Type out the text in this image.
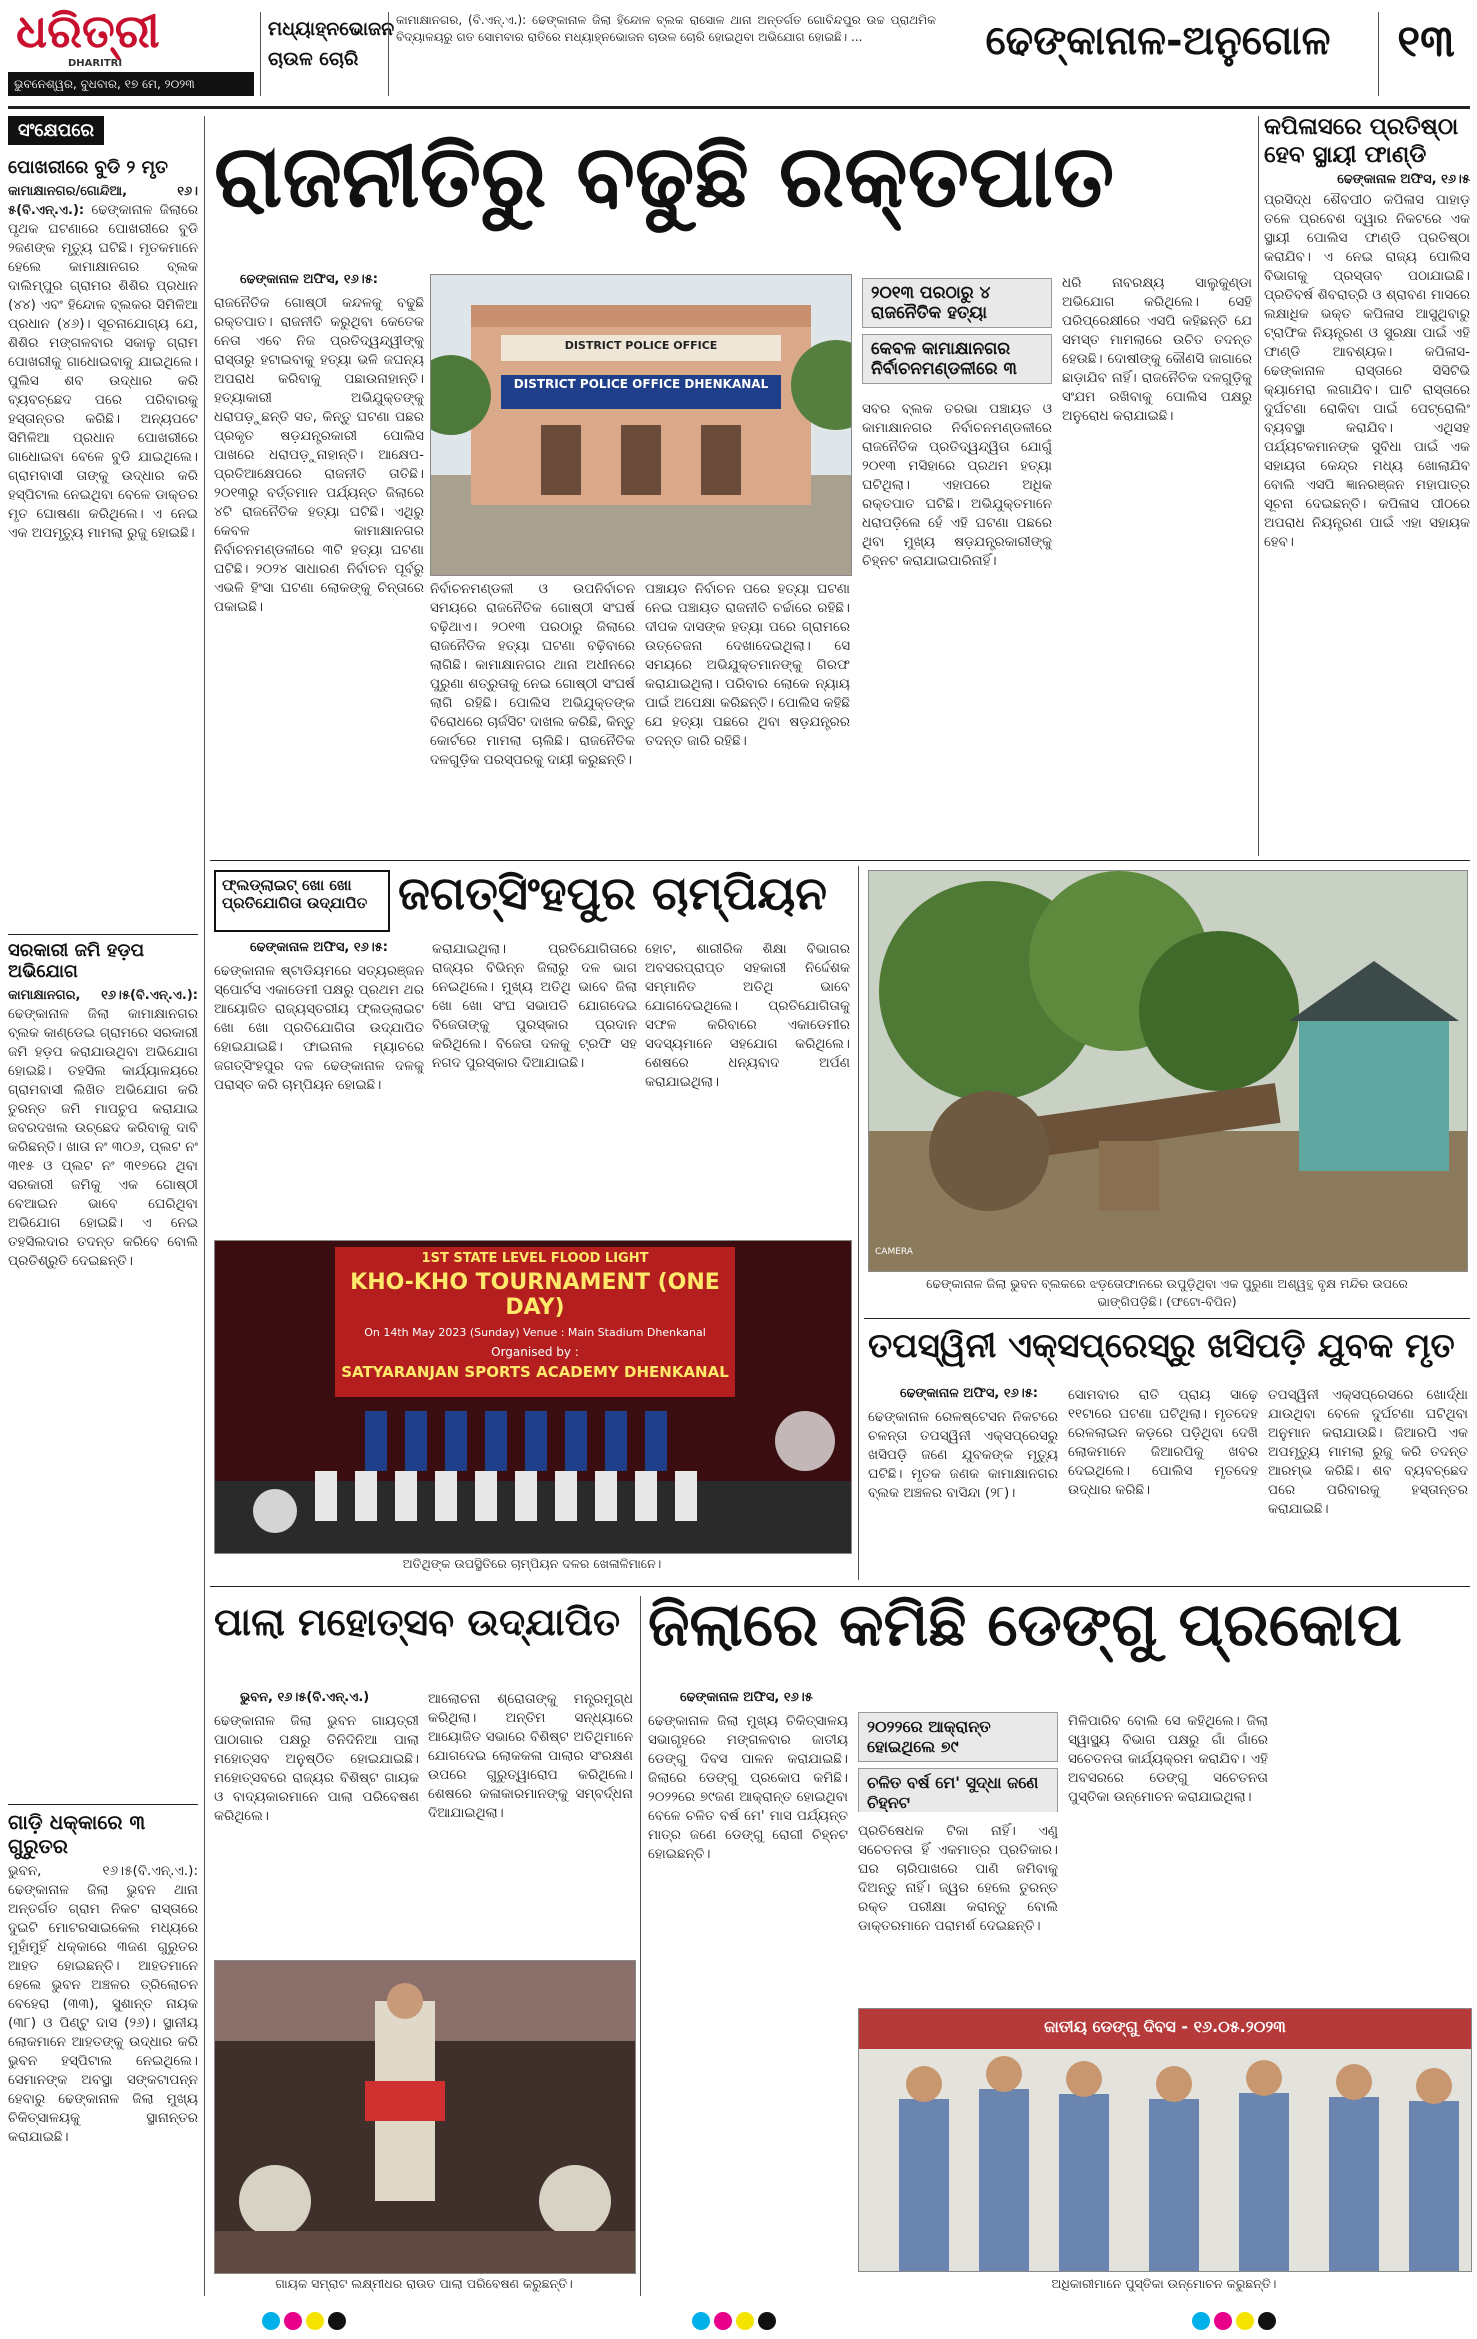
ଧରିତ୍ରୀ
DHARITRI
ଭୁବନେଶ୍ୱର, ବୁଧବାର, ୧୭ ମେ, ୨୦୨୩
ମଧ୍ୟାହ୍ନଭୋଜନ ଚାଉଳ ଚୋରି
କାମାକ୍ଷାନଗର, (ବି.ଏନ୍.ଏ.): ଢେଙ୍କାନାଳ ଜିଲା ହିନ୍ଦୋଳ ବ୍ଲକ ରାସୋଳ ଥାନା ଅନ୍ତର୍ଗତ ଗୋବିନ୍ଦପୁର ଉଚ୍ଚ ପ୍ରାଥମିକ ବିଦ୍ୟାଳୟରୁ ଗତ ସୋମବାର ରାତିରେ ମଧ୍ୟାହ୍ନଭୋଜନ ଚାଉଳ ଚୋରି ହୋଇଥିବା ଅଭିଯୋଗ ହୋଇଛି। ...	ଢେଙ୍କାନାଳ-ଅନୁଗୋଳ	୧୩
ସଂକ୍ଷେପରେ
ପୋଖରୀରେ ବୁଡି ୨ ମୃତ
କାମାକ୍ଷାନଗର/ଗୋନ୍ଦିଆ, ୧୬।୫(ବି.ଏନ୍.ଏ.): ଢେଙ୍କାନାଳ ଜିଲାରେ ପୃଥକ ଘଟଣାରେ ପୋଖରୀରେ ବୁଡି ୨ଜଣଙ୍କ ମୃତ୍ୟୁ ଘଟିଛି। ମୃତକମାନେ ହେଲେ କାମାକ୍ଷାନଗର ବ୍ଲକ ଦାଲିମ୍ପୁର ଗ୍ରାମର ଶିଶିର ପ୍ରଧାନ (୪୪) ଏବଂ ହିନ୍ଦୋଳ ବ୍ଲକର ସିମିଳିଆ ପ୍ରଧାନ (୪୬)। ସୂଚନାଯୋଗ୍ୟ ଯେ, ଶିଶିର ମଙ୍ଗଳବାର ସକାଳୁ ଗ୍ରାମ ପୋଖରୀକୁ ଗାଧୋଇବାକୁ ଯାଇଥିଲେ। ପୁଲିସ ଶବ ଉଦ୍ଧାର କରି ବ୍ୟବଚ୍ଛେଦ ପରେ ପରିବାରକୁ ହସ୍ତାନ୍ତର କରିଛି। ଅନ୍ୟପଟେ ସିମିଳିଆ ପ୍ରଧାନ ପୋଖରୀରେ ଗାଧୋଇବା ବେଳେ ବୁଡି ଯାଇଥିଲେ। ଗ୍ରାମବାସୀ ତାଙ୍କୁ ଉଦ୍ଧାର କରି ହସ୍ପିଟାଲ ନେଇଥିବା ବେଳେ ଡାକ୍ତର ମୃତ ଘୋଷଣା କରିଥିଲେ। ଏ ନେଇ ଏକ ଅପମୃତ୍ୟୁ ମାମଲା ରୁଜୁ ହୋଇଛି।
ସରକାରୀ ଜମି ହଡ଼ପ ଅଭିଯୋଗ
କାମାକ୍ଷାନଗର, ୧୬।୫(ବି.ଏନ୍.ଏ.): ଢେଙ୍କାନାଳ ଜିଲା କାମାକ୍ଷାନଗର ବ୍ଲକ କାଣ୍ଡେଇ ଗ୍ରାମରେ ସରକାରୀ ଜମି ହଡ଼ପ କରାଯାଉଥିବା ଅଭିଯୋଗ ହୋଇଛି। ତହସିଲ କାର୍ଯ୍ୟାଳୟରେ ଗ୍ରାମବାସୀ ଲିଖିତ ଅଭିଯୋଗ କରି ତୁରନ୍ତ ଜମି ମାପଚୁପ କରାଯାଇ ଜବରଦଖଲ ଉଚ୍ଛେଦ କରିବାକୁ ଦାବି କରିଛନ୍ତି। ଖାତା ନଂ ୩୦୬, ପ୍ଲଟ ନଂ ୩୧୫ ଓ ପ୍ଲଟ ନଂ ୩୧୭ରେ ଥିବା ସରକାରୀ ଜମିକୁ ଏକ ଗୋଷ୍ଠୀ ବେଆଇନ ଭାବେ ଘେରିଥିବା ଅଭିଯୋଗ ହୋଇଛି। ଏ ନେଇ ତହସିଲଦାର ତଦନ୍ତ କରିବେ ବୋଲି ପ୍ରତିଶ୍ରୁତି ଦେଇଛନ୍ତି।
ଗାଡ଼ି ଧକ୍କାରେ ୩ ଗୁରୁତର
ଭୁବନ, ୧୬।୫(ବି.ଏନ୍.ଏ.): ଢେଙ୍କାନାଳ ଜିଲା ଭୁବନ ଥାନା ଅନ୍ତର୍ଗତ ଗ୍ରାମ ନିକଟ ରାସ୍ତାରେ ଦୁଇଟି ମୋଟରସାଇକେଲ ମଧ୍ୟରେ ମୁହାଁମୁହିଁ ଧକ୍କାରେ ୩ଜଣ ଗୁରୁତର ଆହତ ହୋଇଛନ୍ତି। ଆହତମାନେ ହେଲେ ଭୁବନ ଅଞ୍ଚଳର ତ୍ରିଲୋଚନ ବେହେରା (୩୩), ସୁଶାନ୍ତ ନାୟକ (୩୮) ଓ ପିଣ୍ଟୁ ଦାସ (୨୬)। ସ୍ଥାନୀୟ ଲୋକମାନେ ଆହତଙ୍କୁ ଉଦ୍ଧାର କରି ଭୁବନ ହସ୍ପିଟାଲ ନେଇଥିଲେ। ସେମାନଙ୍କ ଅବସ୍ଥା ସଙ୍କଟାପନ୍ନ ହେବାରୁ ଢେଙ୍କାନାଳ ଜିଲା ମୁଖ୍ୟ ଚିକିତ୍ସାଳୟକୁ ସ୍ଥାନାନ୍ତର କରାଯାଇଛି।
ରାଜନୀତିରୁ ବଢୁଛି ରକ୍ତପାତ
ଢେଙ୍କାନାଳ ଅଫିସ, ୧୬।୫:
ରାଜନୈତିକ ଗୋଷ୍ଠୀ କନ୍ଦଳକୁ ବଢୁଛି ରକ୍ତପାତ। ରାଜନୀତି କରୁଥିବା କେତେକ ନେତା ଏବେ ନିଜ ପ୍ରତିଦ୍ୱନ୍ଦ୍ୱୀଙ୍କୁ ରାସ୍ତାରୁ ହଟାଇବାକୁ ହତ୍ୟା ଭଳି ଜଘନ୍ୟ ଅପରାଧ କରିବାକୁ ପଛାଉନାହାନ୍ତି। ହତ୍ୟାକାରୀ ଅଭିଯୁକ୍ତଙ୍କୁ ଧରାପଡ଼ୁଛନ୍ତି ସତ, କିନ୍ତୁ ଘଟଣା ପଛର ପ୍ରକୃତ ଷଡ଼ଯନ୍ତ୍ରକାରୀ ପୋଲିସ ପାଖରେ ଧରାପଡ଼ୁନାହାନ୍ତି। ଆକ୍ଷେପ-ପ୍ରତିଆକ୍ଷେପରେ ରାଜନୀତି ତାତିଛି। ୨୦୧୩ରୁ ବର୍ତ୍ତମାନ ପର୍ଯ୍ୟନ୍ତ ଜିଲାରେ ୪ଟି ରାଜନୈତିକ ହତ୍ୟା ଘଟିଛି। ଏଥିରୁ କେବଳ କାମାକ୍ଷାନଗର ନିର୍ବାଚନମଣ୍ଡଳୀରେ ୩ଟି ହତ୍ୟା ଘଟଣା ଘଟିଛି। ୨୦୨୪ ସାଧାରଣ ନିର୍ବାଚନ ପୂର୍ବରୁ ଏଭଳି ହିଂସା ଘଟଣା ଲୋକଙ୍କୁ ଚିନ୍ତାରେ ପକାଇଛି।
DISTRICT POLICE OFFICE
DISTRICT POLICE OFFICE DHENKANAL
ନିର୍ବାଚନମଣ୍ଡଳୀ ଓ ଉପନିର୍ବାଚନ ସମୟରେ ରାଜନୈତିକ ଗୋଷ୍ଠୀ ସଂଘର୍ଷ ବଢ଼ିଥାଏ। ୨୦୧୩ ପରଠାରୁ ଜିଲାରେ ରାଜନୈତିକ ହତ୍ୟା ଘଟଣା ବଢ଼ିବାରେ ଲାଗିଛି। କାମାକ୍ଷାନଗର ଥାନା ଅଧୀନରେ ପୁରୁଣା ଶତ୍ରୁତାକୁ ନେଇ ଗୋଷ୍ଠୀ ସଂଘର୍ଷ ଲାଗି ରହିଛି। ପୋଲିସ ଅଭିଯୁକ୍ତଙ୍କ ବିରୋଧରେ ଚାର୍ଜସିଟ ଦାଖଲ କରିଛି, କିନ୍ତୁ କୋର୍ଟରେ ମାମଲା ଚାଲିଛି। ରାଜନୈତିକ ଦଳଗୁଡ଼ିକ ପରସ୍ପରକୁ ଦାୟୀ କରୁଛନ୍ତି।
ପଞ୍ଚାୟତ ନିର୍ବାଚନ ପରେ ହତ୍ୟା ଘଟଣା ନେଇ ପଞ୍ଚାୟତ ରାଜନୀତି ଚର୍ଚ୍ଚାରେ ରହିଛି। ଦୀପକ ଦାସଙ୍କ ହତ୍ୟା ପରେ ଗ୍ରାମରେ ଉତ୍ତେଜନା ଦେଖାଦେଇଥିଲା। ସେ ସମୟରେ ଅଭିଯୁକ୍ତମାନଙ୍କୁ ଗିରଫ କରାଯାଇଥିଲା। ପରିବାର ଲୋକେ ନ୍ୟାୟ ପାଇଁ ଅପେକ୍ଷା କରିଛନ୍ତି। ପୋଲିସ କହିଛି ଯେ ହତ୍ୟା ପଛରେ ଥିବା ଷଡ଼ଯନ୍ତ୍ରର ତଦନ୍ତ ଜାରି ରହିଛି।
୨୦୧୩ ପରଠାରୁ ୪ ରାଜନୈତିକ ହତ୍ୟା
କେବଳ କାମାକ୍ଷାନଗର ନିର୍ବାଚନମଣ୍ଡଳୀରେ ୩
ସବର ବ୍ଲକ ତରଭା ପଞ୍ଚାୟତ ଓ କାମାକ୍ଷାନଗର ନିର୍ବାଚନମଣ୍ଡଳୀରେ ରାଜନୈତିକ ପ୍ରତିଦ୍ୱନ୍ଦ୍ୱିତା ଯୋଗୁଁ ୨୦୧୩ ମସିହାରେ ପ୍ରଥମ ହତ୍ୟା ଘଟିଥିଲା। ଏହାପରେ ଅଧିକ ରକ୍ତପାତ ଘଟିଛି। ଅଭିଯୁକ୍ତମାନେ ଧରାପଡ଼ିଲେ ହେଁ ଏହି ଘଟଣା ପଛରେ ଥିବା ମୁଖ୍ୟ ଷଡ଼ଯନ୍ତ୍ରକାରୀଙ୍କୁ ଚିହ୍ନଟ କରାଯାଇପାରିନାହିଁ।
ଧରି ନାବରକ୍ଷ୍ୟ ସାଲୁକୁଣ୍ଡା ଅଭିଯୋଗ କରିଥିଲେ। ସେହି ପରିପ୍ରେକ୍ଷୀରେ ଏସପି କହିଛନ୍ତି ଯେ ସମସ୍ତ ମାମଲାରେ ଉଚିତ ତଦନ୍ତ ହେଉଛି। ଦୋଷୀଙ୍କୁ କୌଣସି ଜାଗାରେ ଛାଡ଼ାଯିବ ନାହିଁ। ରାଜନୈତିକ ଦଳଗୁଡ଼ିକୁ ସଂଯମ ରଖିବାକୁ ପୋଲିସ ପକ୍ଷରୁ ଅନୁରୋଧ କରାଯାଇଛି।
କପିଳାସରେ ପ୍ରତିଷ୍ଠା
ହେବ ସ୍ଥାୟୀ ଫାଣ୍ଡି
ଢେଙ୍କାନାଳ ଅଫିସ, ୧୬।୫
ପ୍ରସିଦ୍ଧ ଶୈବପୀଠ କପିଳାସ ପାହାଡ଼ ତଳେ ପ୍ରବେଶ ଦ୍ୱାର ନିକଟରେ ଏକ ସ୍ଥାୟୀ ପୋଲିସ ଫାଣ୍ଡି ପ୍ରତିଷ୍ଠା କରାଯିବ। ଏ ନେଇ ରାଜ୍ୟ ପୋଲିସ ବିଭାଗକୁ ପ୍ରସ୍ତାବ ପଠାଯାଇଛି। ପ୍ରତିବର୍ଷ ଶିବରାତ୍ରି ଓ ଶ୍ରାବଣ ମାସରେ ଲକ୍ଷାଧିକ ଭକ୍ତ କପିଳାସ ଆସୁଥିବାରୁ ଟ୍ରାଫିକ ନିୟନ୍ତ୍ରଣ ଓ ସୁରକ୍ଷା ପାଇଁ ଏହି ଫାଣ୍ଡି ଆବଶ୍ୟକ। କପିଳାସ-ଢେଙ୍କାନାଳ ରାସ୍ତାରେ ସିସିଟିଭି କ୍ୟାମେରା ଲଗାଯିବ। ଘାଟି ରାସ୍ତାରେ ଦୁର୍ଘଟଣା ରୋକିବା ପାଇଁ ପେଟ୍ରୋଲିଂ ବ୍ୟବସ୍ଥା କରାଯିବ। ଏଥିସହ ପର୍ଯ୍ୟଟକମାନଙ୍କ ସୁବିଧା ପାଇଁ ଏକ ସହାୟତା କେନ୍ଦ୍ର ମଧ୍ୟ ଖୋଲାଯିବ ବୋଲି ଏସପି ଜ୍ଞାନରଞ୍ଜନ ମହାପାତ୍ର ସୂଚନା ଦେଇଛନ୍ତି। କପିଳାସ ପୀଠରେ ଅପରାଧ ନିୟନ୍ତ୍ରଣ ପାଇଁ ଏହା ସହାୟକ ହେବ।
ଫ୍ଲଡ୍‌ଲାଇଟ୍ ଖୋ ଖୋ
ପ୍ରତିଯୋଗିତା ଉଦ୍‌ଯାପିତ ଜଗତ୍‌ସିଂହପୁର ଚାମ୍ପିୟନ
ଢେଙ୍କାନାଳ ଅଫିସ, ୧୬।୫:
ଢେଙ୍କାନାଳ ଷ୍ଟାଡିୟମରେ ସତ୍ୟରଞ୍ଜନ ସ୍ପୋର୍ଟସ ଏକାଡେମୀ ପକ୍ଷରୁ ପ୍ରଥମ ଥର ଆୟୋଜିତ ରାଜ୍ୟସ୍ତରୀୟ ଫ୍ଲଡ୍‌ଲାଇଟ ଖୋ ଖୋ ପ୍ରତିଯୋଗିତା ଉଦ୍‌ଯାପିତ ହୋଇଯାଇଛି। ଫାଇନାଲ ମ୍ୟାଚରେ ଜଗତ୍‌ସିଂହପୁର ଦଳ ଢେଙ୍କାନାଳ ଦଳକୁ ପରାସ୍ତ କରି ଚାମ୍ପିୟନ ହୋଇଛି।
କରାଯାଇଥିଲା। ପ୍ରତିଯୋଗିତାରେ ରାଜ୍ୟର ବିଭିନ୍ନ ଜିଲାରୁ ଦଳ ଭାଗ ନେଇଥିଲେ। ମୁଖ୍ୟ ଅତିଥି ଭାବେ ଜିଲା ଖୋ ଖୋ ସଂଘ ସଭାପତି ଯୋଗଦେଇ ବିଜେତାଙ୍କୁ ପୁରସ୍କାର ପ୍ରଦାନ କରିଥିଲେ। ବିଜେତା ଦଳକୁ ଟ୍ରଫି ସହ ନଗଦ ପୁରସ୍କାର ଦିଆଯାଇଛି।
ହୋଟ, ଶାରୀରିକ ଶିକ୍ଷା ବିଭାଗର ଅବସରପ୍ରାପ୍ତ ସହକାରୀ ନିର୍ଦ୍ଦେଶକ ସମ୍ମାନିତ ଅତିଥି ଭାବେ ଯୋଗଦେଇଥିଲେ। ପ୍ରତିଯୋଗିତାକୁ ସଫଳ କରିବାରେ ଏକାଡେମୀର ସଦସ୍ୟମାନେ ସହଯୋଗ କରିଥିଲେ। ଶେଷରେ ଧନ୍ୟବାଦ ଅର୍ପଣ କରାଯାଇଥିଲା।
1ST STATE LEVEL FLOOD LIGHT
KHO-KHO TOURNAMENT (ONE DAY)
On 14th May 2023 (Sunday) Venue : Main Stadium Dhenkanal
Organised by :
SATYARANJAN SPORTS ACADEMY DHENKANAL
ଅତିଥିଙ୍କ ଉପସ୍ଥିତିରେ ଚାମ୍ପିୟନ ଦଳର ଖେଳାଳିମାନେ।
CAMERA
ଢେଙ୍କାନାଳ ଜିଲା ଭୁବନ ବ୍ଲକରେ ଝଡ଼ତୋଫାନରେ ଉପୁଡ଼ିଥିବା ଏକ ପୁରୁଣା ଅଶ୍ୱତ୍ଥ ବୃକ୍ଷ ମନ୍ଦିର ଉପରେ
ଭାଙ୍ଗିପଡ଼ିଛି। (ଫଟୋ-ବିପିନ)
ତପସ୍ୱିନୀ ଏକ୍ସପ୍ରେସ୍‌ରୁ ଖସିପଡ଼ି ଯୁବକ ମୃତ
ଢେଙ୍କାନାଳ ଅଫିସ, ୧୬।୫:
ଢେଙ୍କାନାଳ ରେଳଷ୍ଟେସନ ନିକଟରେ ଚଳନ୍ତା ତପସ୍ୱିନୀ ଏକ୍ସପ୍ରେସରୁ ଖସିପଡ଼ି ଜଣେ ଯୁବକଙ୍କ ମୃତ୍ୟୁ ଘଟିଛି। ମୃତକ ଜଣକ କାମାକ୍ଷାନଗର ବ୍ଲକ ଅଞ୍ଚଳର ବାସିନ୍ଦା (୨୮)।
ସୋମବାର ରାତି ପ୍ରାୟ ସାଢ଼େ ୧୧ଟାରେ ଘଟଣା ଘଟିଥିଲା। ମୃତଦେହ ରେଳଲାଇନ କଡ଼ରେ ପଡ଼ିଥିବା ଦେଖି ଲୋକମାନେ ଜିଆରପିକୁ ଖବର ଦେଇଥିଲେ। ପୋଲିସ ମୃତଦେହ ଉଦ୍ଧାର କରିଛି।
ତପସ୍ୱିନୀ ଏକ୍ସପ୍ରେସରେ ଖୋର୍ଦ୍ଧା ଯାଉଥିବା ବେଳେ ଦୁର୍ଘଟଣା ଘଟିଥିବା ଅନୁମାନ କରାଯାଉଛି। ଜିଆରପି ଏକ ଅପମୃତ୍ୟୁ ମାମଲା ରୁଜୁ କରି ତଦନ୍ତ ଆରମ୍ଭ କରିଛି। ଶବ ବ୍ୟବଚ୍ଛେଦ ପରେ ପରିବାରକୁ ହସ୍ତାନ୍ତର କରାଯାଇଛି।
ପାଲା ମହୋତ୍ସବ ଉଦ୍‌ଯାପିତ
ଭୁବନ, ୧୬।୫(ବି.ଏନ୍.ଏ.)
ଢେଙ୍କାନାଳ ଜିଲା ଭୁବନ ଗାୟତ୍ରୀ ପାଠାଗାର ପକ୍ଷରୁ ତିନିଦିନିଆ ପାଲା ମହୋତ୍ସବ ଅନୁଷ୍ଠିତ ହୋଇଯାଇଛି। ମହୋତ୍ସବରେ ରାଜ୍ୟର ବିଶିଷ୍ଟ ଗାୟକ ଓ ବାଦ୍ୟକାରମାନେ ପାଲା ପରିବେଷଣ କରିଥିଲେ।
ଆଲୋଚନା ଶ୍ରୋତାଙ୍କୁ ମନ୍ତ୍ରମୁଗ୍ଧ କରିଥିଲା। ଅନ୍ତିମ ସନ୍ଧ୍ୟାରେ ଆୟୋଜିତ ସଭାରେ ବିଶିଷ୍ଟ ଅତିଥିମାନେ ଯୋଗଦେଇ ଲୋକକଳା ପାଲାର ସଂରକ୍ଷଣ ଉପରେ ଗୁରୁତ୍ୱାରୋପ କରିଥିଲେ। ଶେଷରେ କଳାକାରମାନଙ୍କୁ ସମ୍ବର୍ଦ୍ଧନା ଦିଆଯାଇଥିଲା।
ଗାୟକ ସମ୍ରାଟ ଲକ୍ଷ୍ମୀଧର ରାଉତ ପାଲା ପରିବେଷଣ କରୁଛନ୍ତି।
ଜିଲାରେ କମିଛି ଡେଙ୍ଗୁ ପ୍ରକୋପ
ଢେଙ୍କାନାଳ ଅଫିସ, ୧୬।୫
୨୦୨୨ରେ ଆକ୍ରାନ୍ତ ହୋଇଥିଲେ ୭୯
ଚଳିତ ବର୍ଷ ମେ' ସୁଦ୍ଧା ଜଣେ ଚିହ୍ନଟ
ଢେଙ୍କାନାଳ ଜିଲା ମୁଖ୍ୟ ଚିକିତ୍ସାଳୟ ସଭାଗୃହରେ ମଙ୍ଗଳବାର ଜାତୀୟ ଡେଙ୍ଗୁ ଦିବସ ପାଳନ କରାଯାଇଛି। ଜିଲାରେ ଡେଙ୍ଗୁ ପ୍ରକୋପ କମିଛି। ୨୦୨୨ରେ ୭୯ଜଣ ଆକ୍ରାନ୍ତ ହୋଇଥିବା ବେଳେ ଚଳିତ ବର୍ଷ ମେ' ମାସ ପର୍ଯ୍ୟନ୍ତ ମାତ୍ର ଜଣେ ଡେଙ୍ଗୁ ରୋଗୀ ଚିହ୍ନଟ ହୋଇଛନ୍ତି।
ପ୍ରତିଷେଧକ ଟିକା ନାହିଁ। ଏଣୁ ସଚେତନତା ହିଁ ଏକମାତ୍ର ପ୍ରତିକାର। ଘର ଚାରିପାଖରେ ପାଣି ଜମିବାକୁ ଦିଅନ୍ତୁ ନାହିଁ। ଜ୍ୱର ହେଲେ ତୁରନ୍ତ ରକ୍ତ ପରୀକ୍ଷା କରାନ୍ତୁ ବୋଲି ଡାକ୍ତରମାନେ ପରାମର୍ଶ ଦେଇଛନ୍ତି।
ମିଳିପାରିବ ବୋଲି ସେ କହିଥିଲେ। ଜିଲା ସ୍ୱାସ୍ଥ୍ୟ ବିଭାଗ ପକ୍ଷରୁ ଗାଁ ଗାଁରେ ସଚେତନତା କାର୍ଯ୍ୟକ୍ରମ କରାଯିବ। ଏହି ଅବସରରେ ଡେଙ୍ଗୁ ସଚେତନତା ପୁସ୍ତିକା ଉନ୍ମୋଚନ କରାଯାଇଥିଲା।
ଜାତୀୟ ଡେଙ୍ଗୁ ଦିବସ - ୧୬.୦୫.୨୦୨୩
ଅଧିକାରୀମାନେ ପୁସ୍ତିକା ଉନ୍ମୋଚନ କରୁଛନ୍ତି।
